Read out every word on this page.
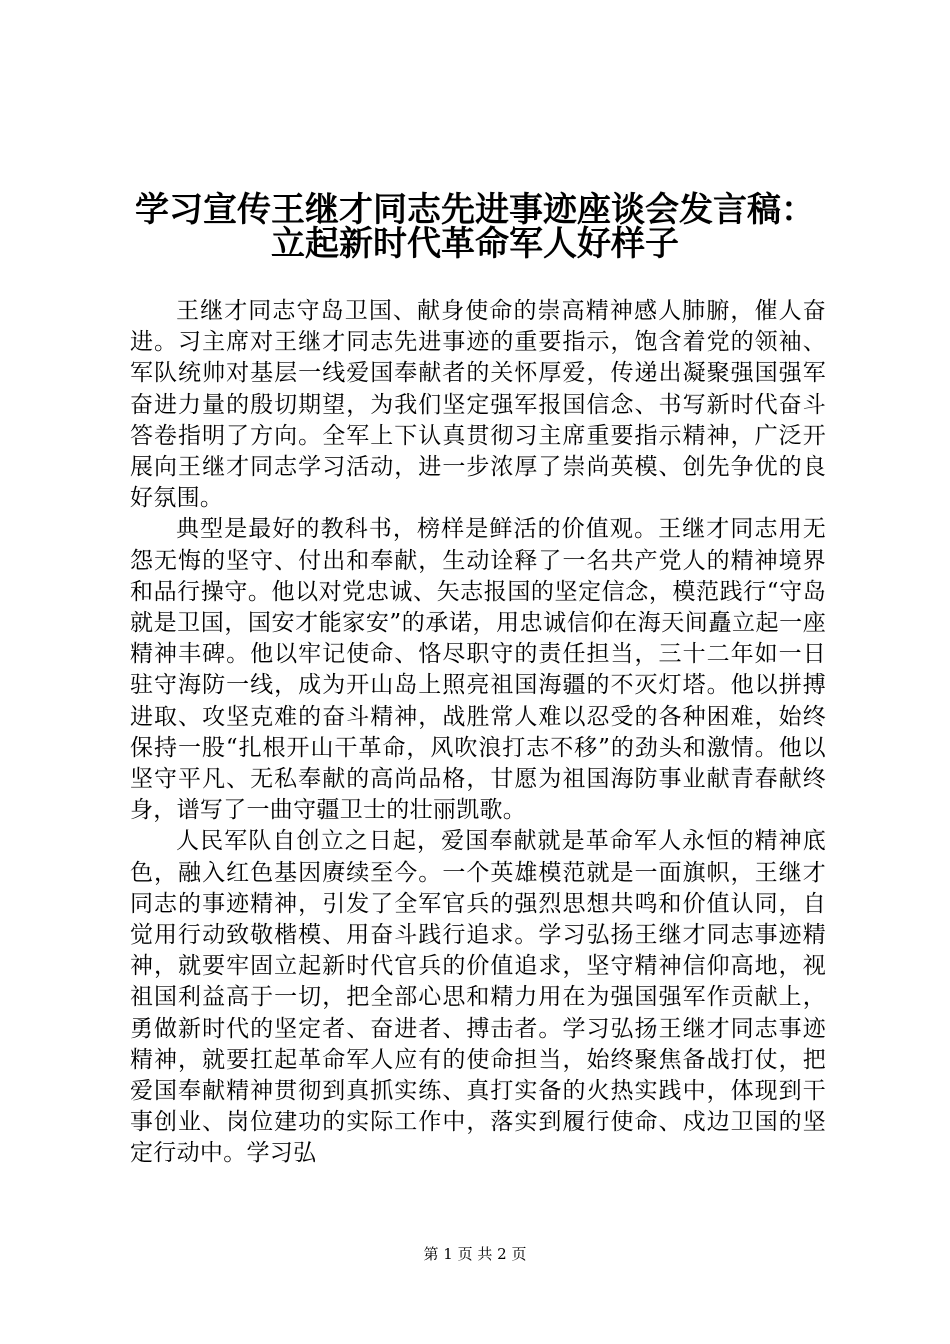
学习宣传王继才同志先进事迹座谈会发言稿：
立起新时代革命军人好样子

王继才同志守岛卫国、献身使命的崇高精神感人肺腑，催人奋进。习主席对王继才同志先进事迹的重要指示，饱含着党的领袖、军队统帅对基层一线爱国奉献者的关怀厚爱，传递出凝聚强国强军奋进力量的殷切期望，为我们坚定强军报国信念、书写新时代奋斗答卷指明了方向。全军上下认真贯彻习主席重要指示精神，广泛开展向王继才同志学习活动，进一步浓厚了崇尚英模、创先争优的良好氛围。

典型是最好的教科书，榜样是鲜活的价值观。王继才同志用无怨无悔的坚守、付出和奉献，生动诠释了一名共产党人的精神境界和品行操守。他以对党忠诚、矢志报国的坚定信念，模范践行“守岛就是卫国，国安才能家安”的承诺，用忠诚信仰在海天间矗立起一座精神丰碑。他以牢记使命、恪尽职守的责任担当，三十二年如一日驻守海防一线，成为开山岛上照亮祖国海疆的不灭灯塔。他以拼搏进取、攻坚克难的奋斗精神，战胜常人难以忍受的各种困难，始终保持一股“扎根开山干革命，风吹浪打志不移”的劲头和激情。他以坚守平凡、无私奉献的高尚品格，甘愿为祖国海防事业献青春献终身，谱写了一曲守疆卫士的壮丽凯歌。

人民军队自创立之日起，爱国奉献就是革命军人永恒的精神底色，融入红色基因赓续至今。一个英雄模范就是一面旗帜，王继才同志的事迹精神，引发了全军官兵的强烈思想共鸣和价值认同，自觉用行动致敬楷模、用奋斗践行追求。学习弘扬王继才同志事迹精神，就要牢固立起新时代官兵的价值追求，坚守精神信仰高地，视祖国利益高于一切，把全部心思和精力用在为强国强军作贡献上，勇做新时代的坚定者、奋进者、搏击者。学习弘扬王继才同志事迹精神，就要扛起革命军人应有的使命担当，始终聚焦备战打仗，把爱国奉献精神贯彻到真抓实练、真打实备的火热实践中，体现到干事创业、岗位建功的实际工作中，落实到履行使命、戍边卫国的坚定行动中。学习弘

第 1 页 共 2 页
